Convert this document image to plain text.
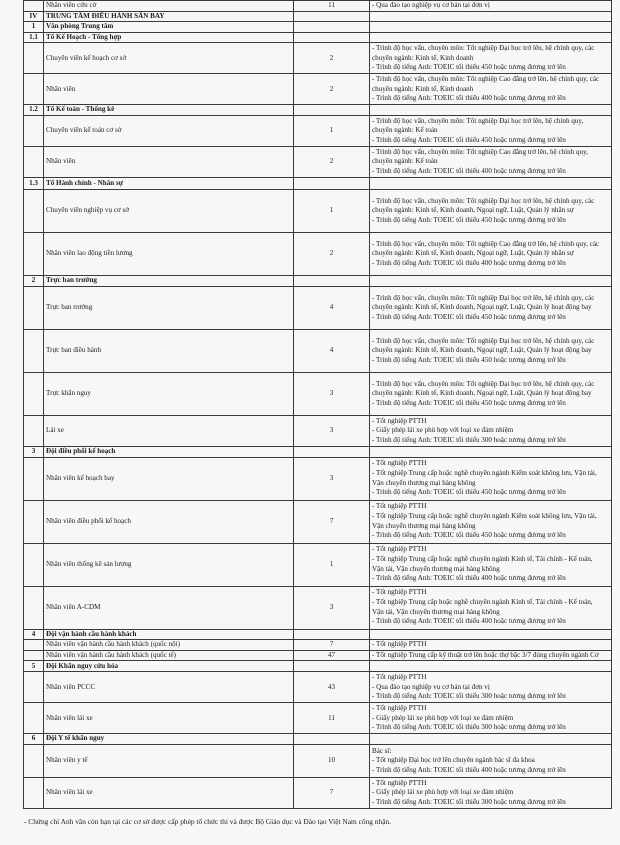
	Nhân viên cứu cờ	11	- Qua đào tạo nghiệp vụ cơ bản tại đơn vị

IV	TRUNG TÂM ĐIỀU HÀNH SÂN BAY		
1	Văn phòng Trung tâm		
1.1	Tổ Kế Hoạch - Tổng hợp		
	Chuyên viên kế hoạch cơ sở	2	- Trình độ học vấn, chuyên môn: Tốt nghiệp Đại học trở lên, hệ chính quy, các
chuyên ngành: Kinh tế, Kinh doanh
- Trình độ tiếng Anh: TOEIC tối thiểu 450 hoặc tương đương trở lên

	Nhân viên	2	- Trình độ học vấn, chuyên môn: Tốt nghiệp Cao đẳng trở lên, hệ chính quy, các
chuyên ngành: Kinh tế, Kinh doanh
- Trình độ tiếng Anh: TOEIC tối thiểu 400 hoặc tương đương trở lên

1.2	Tổ Kế toán - Thống kê		
	Chuyên viên kế toán cơ sở	1	- Trình độ học vấn, chuyên môn: Tốt nghiệp Đại học trở lên, hệ chính quy,
chuyên ngành: Kế toán
- Trình độ tiếng Anh: TOEIC tối thiểu 450 hoặc tương đương trở lên

	Nhân viên	2	- Trình độ học vấn, chuyên môn: Tốt nghiệp Cao đẳng trở lên, hệ chính quy,
chuyên ngành: Kế toán
- Trình độ tiếng Anh: TOEIC tối thiểu 400 hoặc tương đương trở lên

1.3	Tổ Hành chính - Nhân sự		
	Chuyên viên nghiệp vụ cơ sở	1	- Trình độ học vấn, chuyên môn: Tốt nghiệp Đại học trở lên, hệ chính quy, các
chuyên ngành: Kinh tế, Kinh doanh, Ngoại ngữ, Luật, Quản lý nhân sự
- Trình độ tiếng Anh: TOEIC tối thiểu 450 hoặc tương đương trở lên

	Nhân viên lao động tiền lương	2	- Trình độ học vấn, chuyên môn: Tốt nghiệp Cao đẳng trở lên, hệ chính quy, các
chuyên ngành: Kinh tế, Kinh doanh, Ngoại ngữ, Luật, Quản lý nhân sự
- Trình độ tiếng Anh: TOEIC tối thiểu 400 hoặc tương đương trở lên

2	Trực ban trưởng		
	Trực ban trưởng	4	- Trình độ học vấn, chuyên môn: Tốt nghiệp Đại học trở lên, hệ chính quy, các
chuyên ngành: Kinh tế, Kinh doanh, Ngoại ngữ, Luật, Quản lý hoạt động bay
- Trình độ tiếng Anh: TOEIC tối thiểu 450 hoặc tương đương trở lên

	Trực ban điều hành	4	- Trình độ học vấn, chuyên môn: Tốt nghiệp Đại học trở lên, hệ chính quy, các
chuyên ngành: Kinh tế, Kinh doanh, Ngoại ngữ, Luật, Quản lý hoạt động bay
- Trình độ tiếng Anh: TOEIC tối thiểu 450 hoặc tương đương trở lên

	Trực khẩn nguy	3	- Trình độ học vấn, chuyên môn: Tốt nghiệp Đại học trở lên, hệ chính quy, các
chuyên ngành: Kinh tế, Kinh doanh, Ngoại ngữ, Luật, Quản lý hoạt động bay
- Trình độ tiếng Anh: TOEIC tối thiểu 450 hoặc tương đương trở lên

	Lái xe	3	- Tốt nghiệp PTTH
- Giấy phép lái xe phù hợp với loại xe đảm nhiệm
- Trình độ tiếng Anh: TOEIC tối thiểu 300 hoặc tương đương trở lên

3	Đội điều phối kế hoạch		
	Nhân viên kế hoạch bay	3	- Tốt nghiệp PTTH
- Tốt nghiệp Trung cấp hoặc nghề chuyên ngành Kiểm soát không lưu, Vận tải,
Vận chuyển thương mại hàng không
- Trình độ tiếng Anh: TOEIC tối thiểu 450 hoặc tương đương trở lên

	Nhân viên điều phối kế hoạch	7	- Tốt nghiệp PTTH
- Tốt nghiệp Trung cấp hoặc nghề chuyên ngành Kiểm soát không lưu, Vận tải,
Vận chuyển thương mại hàng không
- Trình độ tiếng Anh: TOEIC tối thiểu 450 hoặc tương đương trở lên

	Nhân viên thống kê sản lượng	1	- Tốt nghiệp PTTH
- Tốt nghiệp Trung cấp hoặc nghề chuyên ngành Kinh tế, Tài chính - Kế toán,
Vận tải, Vận chuyển thương mại hàng không
- Trình độ tiếng Anh: TOEIC tối thiểu 400 hoặc tương đương trở lên

	Nhân viên A-CDM	3	- Tốt nghiệp PTTH
- Tốt nghiệp Trung cấp hoặc nghề chuyên ngành Kinh tế, Tài chính - Kế toán,
Vận tải, Vận chuyển thương mại hàng không
- Trình độ tiếng Anh: TOEIC tối thiểu 400 hoặc tương đương trở lên

4	Đội vận hành cầu hành khách		
	Nhân viên vận hành cầu hành khách (quốc nội)	7	- Tốt nghiệp PTTH

	Nhân viên vận hành cầu hành khách (quốc tế)	47	- Tốt nghiệp Trung cấp kỹ thuật trở lên hoặc thợ bậc 3/7 đúng chuyên ngành Cơ

5	Đội Khẩn nguy cứu hỏa		
	Nhân viên PCCC	43	- Tốt nghiệp PTTH
- Qua đào tạo nghiệp vụ cơ bản tại đơn vị
- Trình độ tiếng Anh: TOEIC tối thiểu 300 hoặc tương đương trở lên

	Nhân viên lái xe	11	- Tốt nghiệp PTTH
- Giấy phép lái xe phù hợp với loại xe đảm nhiệm
- Trình độ tiếng Anh: TOEIC tối thiểu 300 hoặc tương đương trở lên

6	Đội Y tế khẩn nguy		
	Nhân viên y tế	10	Bác sĩ:
- Tốt nghiệp Đại học trở lên chuyên ngành bác sĩ đa khoa
- Trình độ tiếng Anh: TOEIC tối thiểu 400 hoặc tương đương trở lên

	Nhân viên lái xe	7	- Tốt nghiệp PTTH
- Giấy phép lái xe phù hợp với loại xe đảm nhiệm
- Trình độ tiếng Anh: TOEIC tối thiểu 300 hoặc tương đương trở lên
- Chứng chỉ Anh văn còn hạn tại các cơ sở được cấp phép tổ chức thi và được Bộ Giáo dục và Đào tạo Việt Nam công nhận.
